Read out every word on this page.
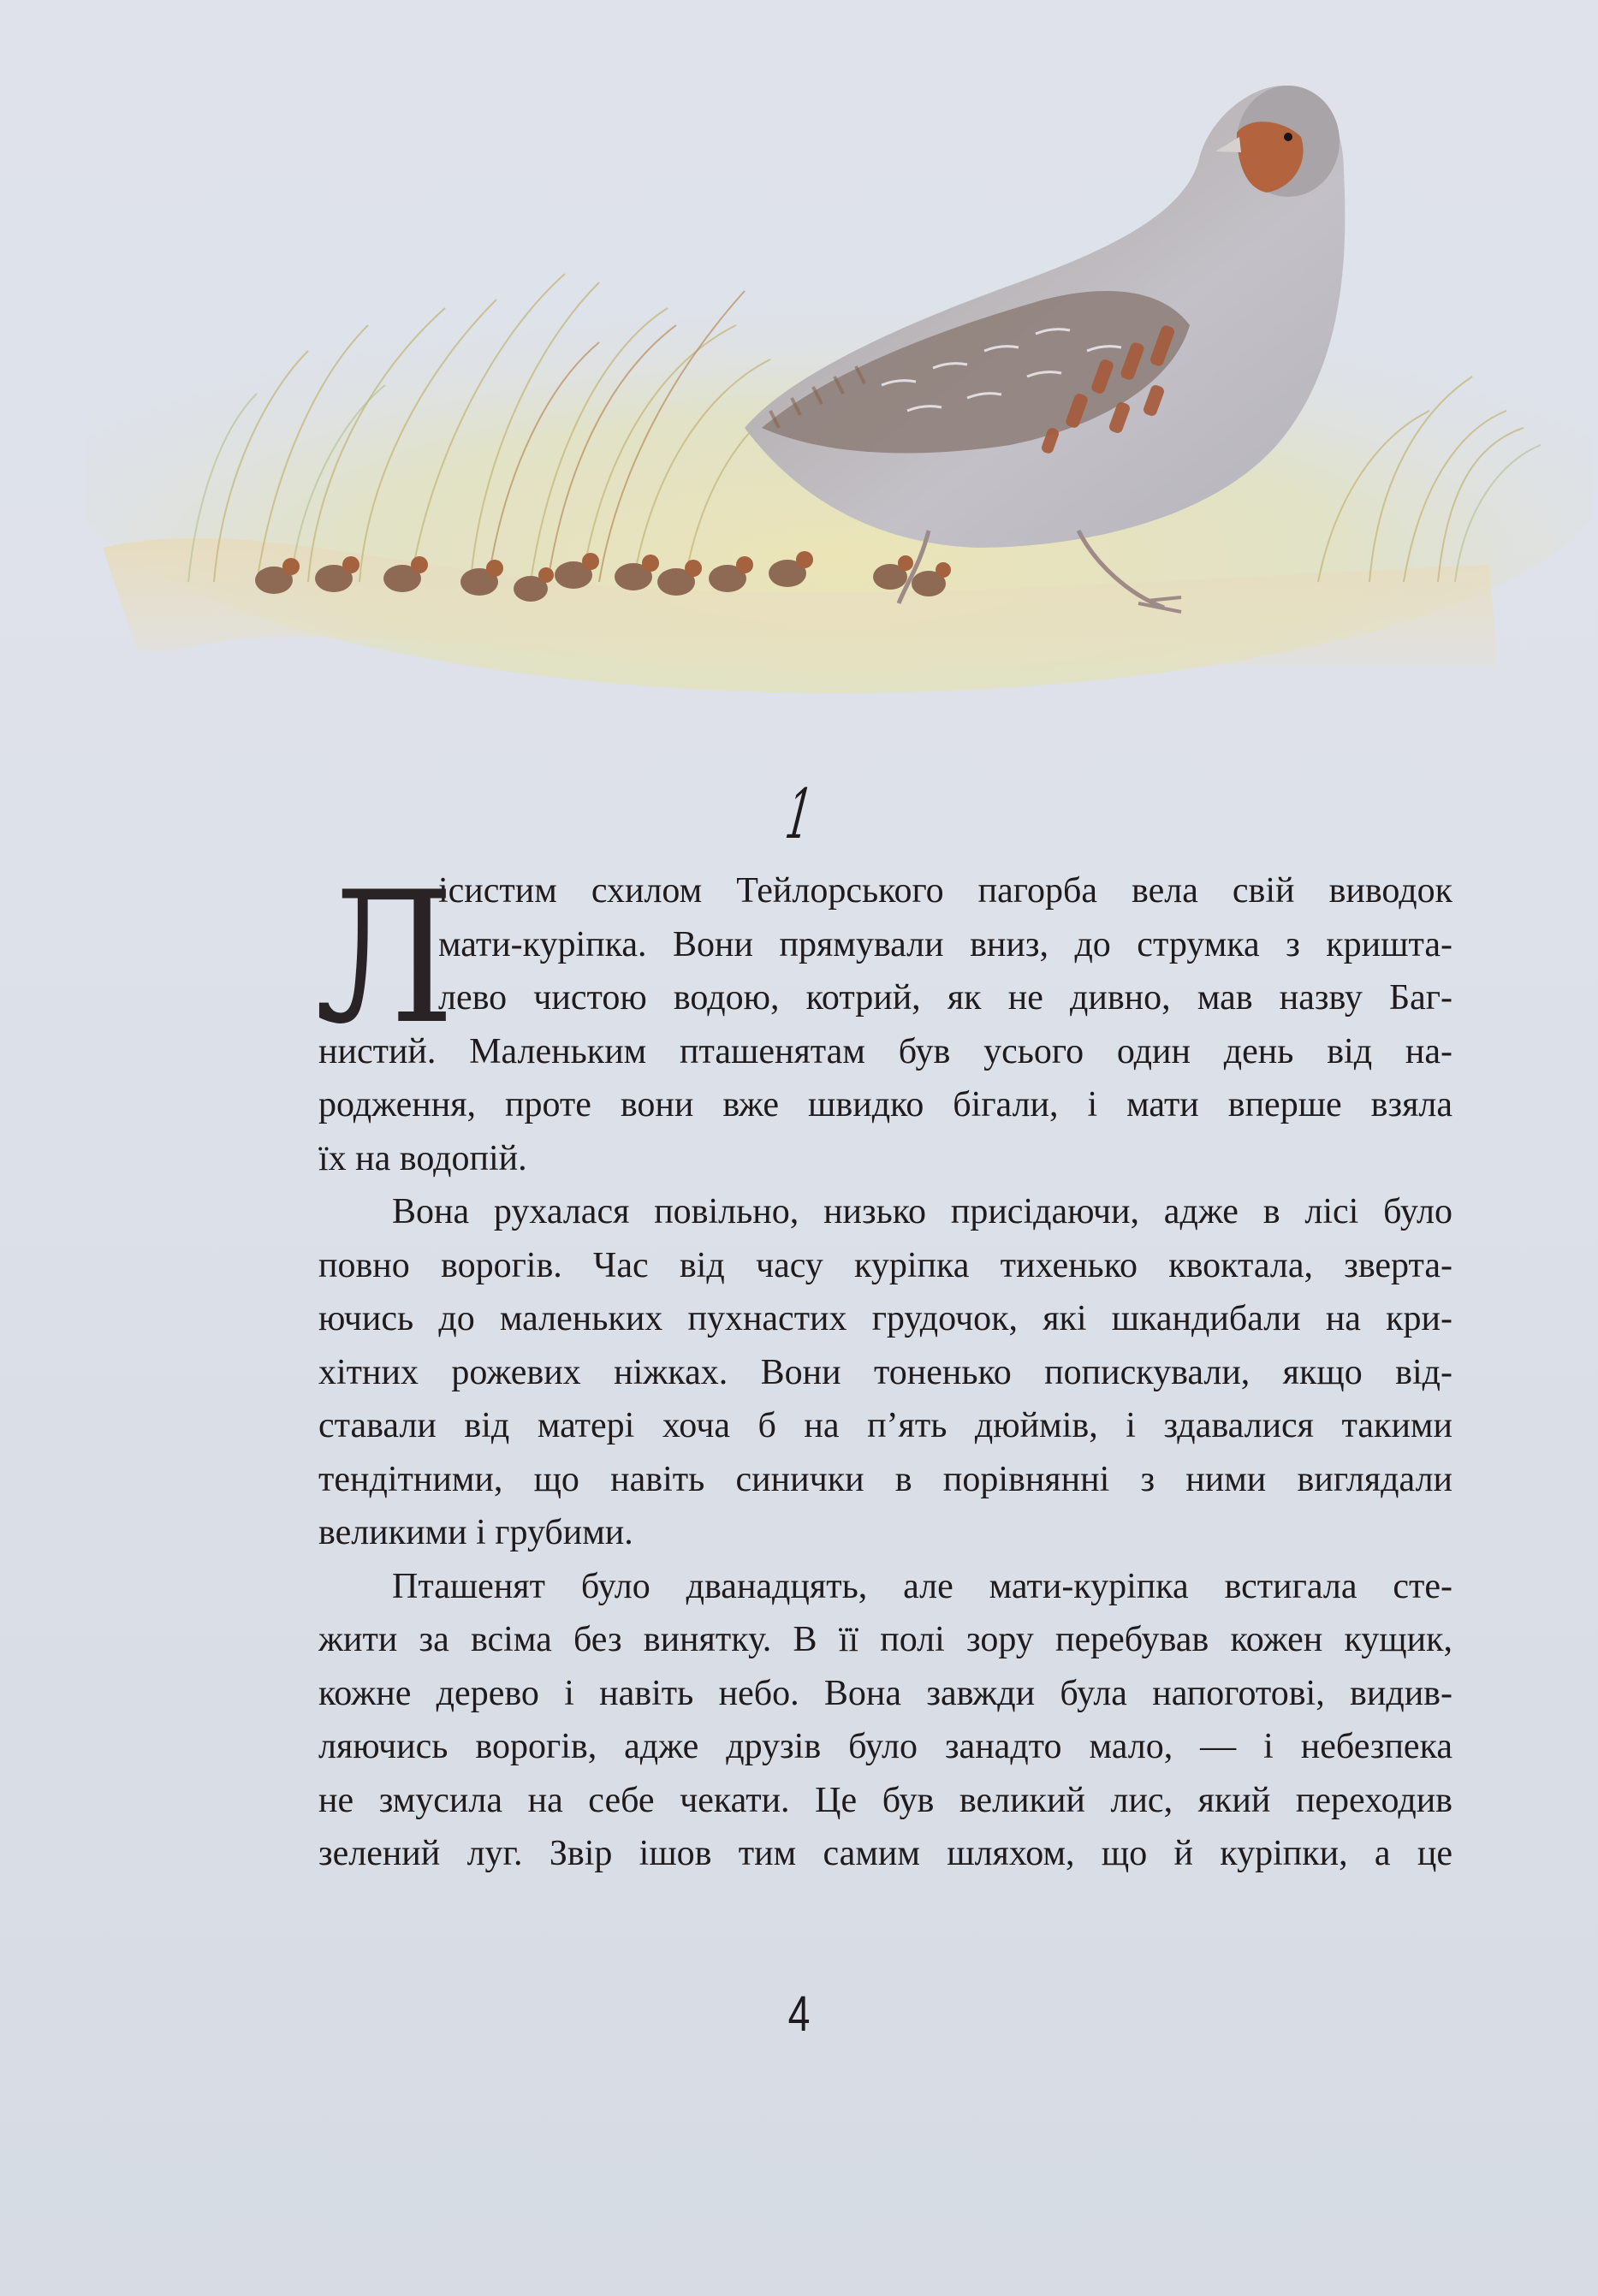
1
Л

ісистим схилом Тейлорського пагорба вела свій виводок
мати-куріпка. Вони прямували вниз, до струмка з кришта-
лево чистою водою, котрий, як не дивно, мав назву Баг-
нистий. Маленьким пташенятам був усього один день від на-
родження, проте вони вже швидко бігали, і мати вперше взяла
їх на водопій.

Вона рухалася повільно, низько присідаючи, адже в лісі було
повно ворогів. Час від часу куріпка тихенько квоктала, зверта-
ючись до маленьких пухнастих грудочок, які шкандибали на кри-
хітних рожевих ніжках. Вони тоненько попискували, якщо від-
ставали від матері хоча б на п’ять дюймів, і здавалися такими
тендітними, що навіть синички в порівнянні з ними виглядали
великими і грубими.

Пташенят було дванадцять, але мати-куріпка встигала сте-
жити за всіма без винятку. В її полі зору перебував кожен кущик,
кожне дерево і навіть небо. Вона завжди була напоготові, видив-
ляючись ворогів, адже друзів було занадто мало, — і небезпека
не змусила на себе чекати. Це був великий лис, який переходив
зелений луг. Звір ішов тим самим шляхом, що й куріпки, а це

4
